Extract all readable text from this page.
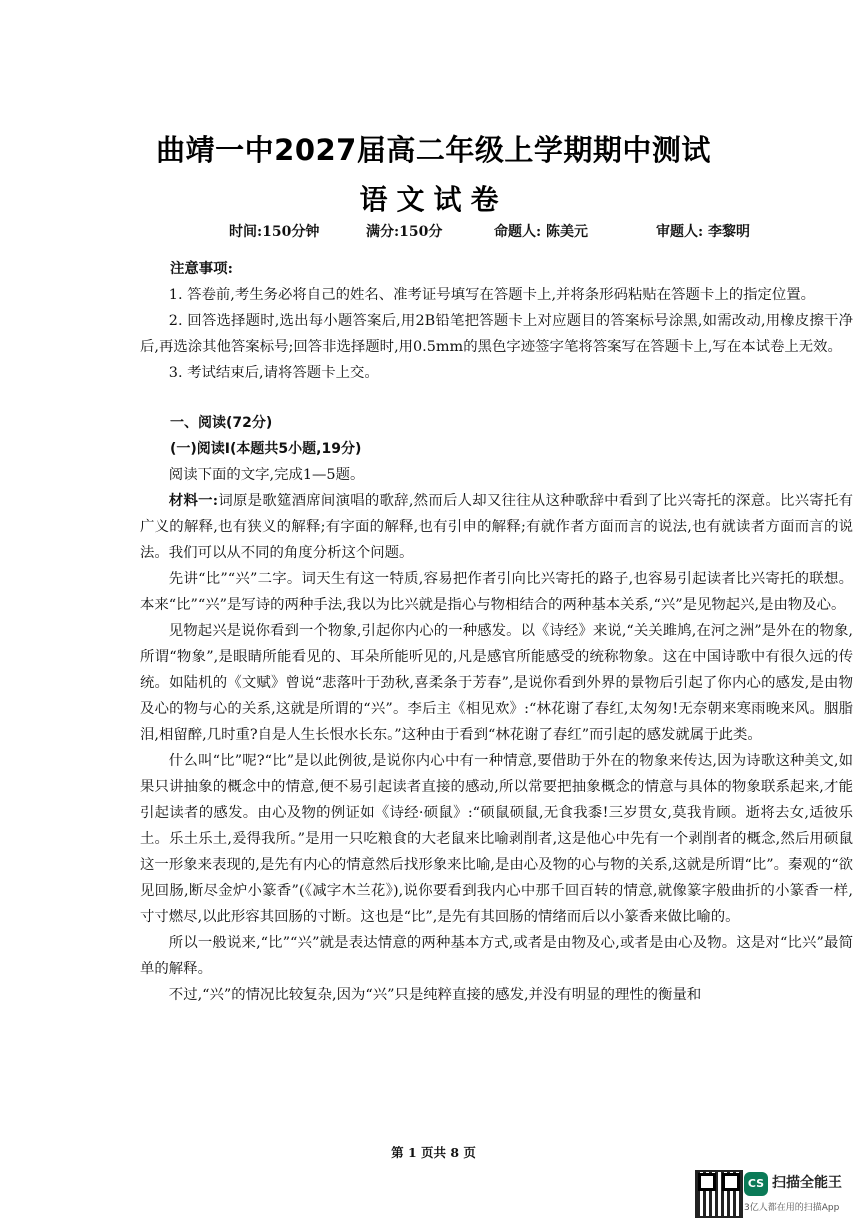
曲靖一中2027届高二年级上学期期中测试
语文试卷
时间:150分钟	满分:150分	命题人: 陈美元	审题人: 李黎明
注意事项:

1. 答卷前,考生务必将自己的姓名、准考证号填写在答题卡上,并将条形码粘贴在答题卡上的指定位置。

2. 回答选择题时,选出每小题答案后,用2B铅笔把答题卡上对应题目的答案标号涂黑,如需改动,用橡皮擦干净后,再选涂其他答案标号;回答非选择题时,用0.5mm的黑色字迹签字笔将答案写在答题卡上,写在本试卷上无效。

3. 考试结束后,请将答题卡上交。

一、阅读(72分)
(一)阅读Ⅰ(本题共5小题,19分)

阅读下面的文字,完成1—5题。

材料一:词原是歌筵酒席间演唱的歌辞,然而后人却又往往从这种歌辞中看到了比兴寄托的深意。比兴寄托有广义的解释,也有狭义的解释;有字面的解释,也有引申的解释;有就作者方面而言的说法,也有就读者方面而言的说法。我们可以从不同的角度分析这个问题。

先讲“比”“兴”二字。词天生有这一特质,容易把作者引向比兴寄托的路子,也容易引起读者比兴寄托的联想。本来“比”“兴”是写诗的两种手法,我以为比兴就是指心与物相结合的两种基本关系,“兴”是见物起兴,是由物及心。

见物起兴是说你看到一个物象,引起你内心的一种感发。以《诗经》来说,“关关雎鸠,在河之洲”是外在的物象,所谓“物象”,是眼睛所能看见的、耳朵所能听见的,凡是感官所能感受的统称物象。这在中国诗歌中有很久远的传统。如陆机的《文赋》曾说“悲落叶于劲秋,喜柔条于芳春”,是说你看到外界的景物后引起了你内心的感发,是由物及心的物与心的关系,这就是所谓的“兴”。李后主《相见欢》:“林花谢了春红,太匆匆!无奈朝来寒雨晚来风。胭脂泪,相留醉,几时重?自是人生长恨水长东。”这种由于看到“林花谢了春红”而引起的感发就属于此类。

什么叫“比”呢?“比”是以此例彼,是说你内心中有一种情意,要借助于外在的物象来传达,因为诗歌这种美文,如果只讲抽象的概念中的情意,便不易引起读者直接的感动,所以常要把抽象概念的情意与具体的物象联系起来,才能引起读者的感发。由心及物的例证如《诗经·硕鼠》:“硕鼠硕鼠,无食我黍!三岁贯女,莫我肯顾。逝将去女,适彼乐土。乐土乐土,爰得我所。”是用一只吃粮食的大老鼠来比喻剥削者,这是他心中先有一个剥削者的概念,然后用硕鼠这一形象来表现的,是先有内心的情意然后找形象来比喻,是由心及物的心与物的关系,这就是所谓“比”。秦观的“欲见回肠,断尽金炉小篆香”(《减字木兰花》),说你要看到我内心中那千回百转的情意,就像篆字般曲折的小篆香一样,寸寸燃尽,以此形容其回肠的寸断。这也是“比”,是先有其回肠的情绪而后以小篆香来做比喻的。

所以一般说来,“比”“兴”就是表达情意的两种基本方式,或者是由物及心,或者是由心及物。这是对“比兴”最简单的解释。

不过,“兴”的情况比较复杂,因为“兴”只是纯粹直接的感发,并没有明显的理性的衡量和

第 1 页共 8 页
CS 扫描全能王
3亿人都在用的扫描App
